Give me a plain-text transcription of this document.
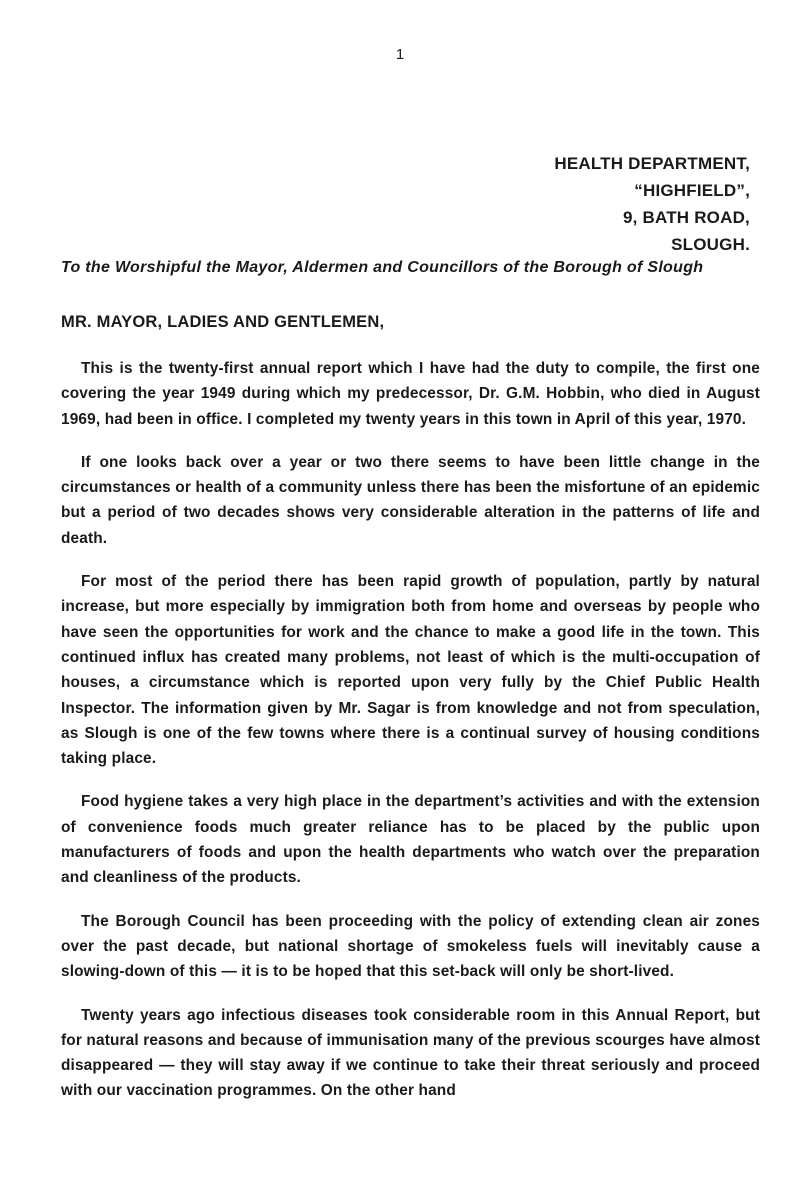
1
HEALTH DEPARTMENT,
“HIGHFIELD”,
9, BATH ROAD,
SLOUGH.
To the Worshipful the Mayor, Aldermen and Councillors of the Borough of Slough
MR. MAYOR, LADIES AND GENTLEMEN,

This is the twenty-first annual report which I have had the duty to compile, the first one covering the year 1949 during which my predecessor, Dr. G.M. Hobbin, who died in August 1969, had been in office. I completed my twenty years in this town in April of this year, 1970.

If one looks back over a year or two there seems to have been little change in the circumstances or health of a community unless there has been the misfortune of an epidemic but a period of two decades shows very considerable alteration in the patterns of life and death.

For most of the period there has been rapid growth of population, partly by natural increase, but more especially by immigration both from home and overseas by people who have seen the opportunities for work and the chance to make a good life in the town. This continued influx has created many problems, not least of which is the multi-occupation of houses, a circumstance which is reported upon very fully by the Chief Public Health Inspector. The information given by Mr. Sagar is from knowledge and not from speculation, as Slough is one of the few towns where there is a continual survey of housing conditions taking place.

Food hygiene takes a very high place in the department’s activities and with the extension of convenience foods much greater reliance has to be placed by the public upon manufacturers of foods and upon the health departments who watch over the preparation and cleanliness of the products.

The Borough Council has been proceeding with the policy of extending clean air zones over the past decade, but national shortage of smokeless fuels will inevitably cause a slowing-down of this — it is to be hoped that this set-back will only be short-lived.

Twenty years ago infectious diseases took considerable room in this Annual Report, but for natural reasons and because of immunisation many of the previous scourges have almost disappeared — they will stay away if we continue to take their threat seriously and proceed with our vaccination programmes. On the other hand
